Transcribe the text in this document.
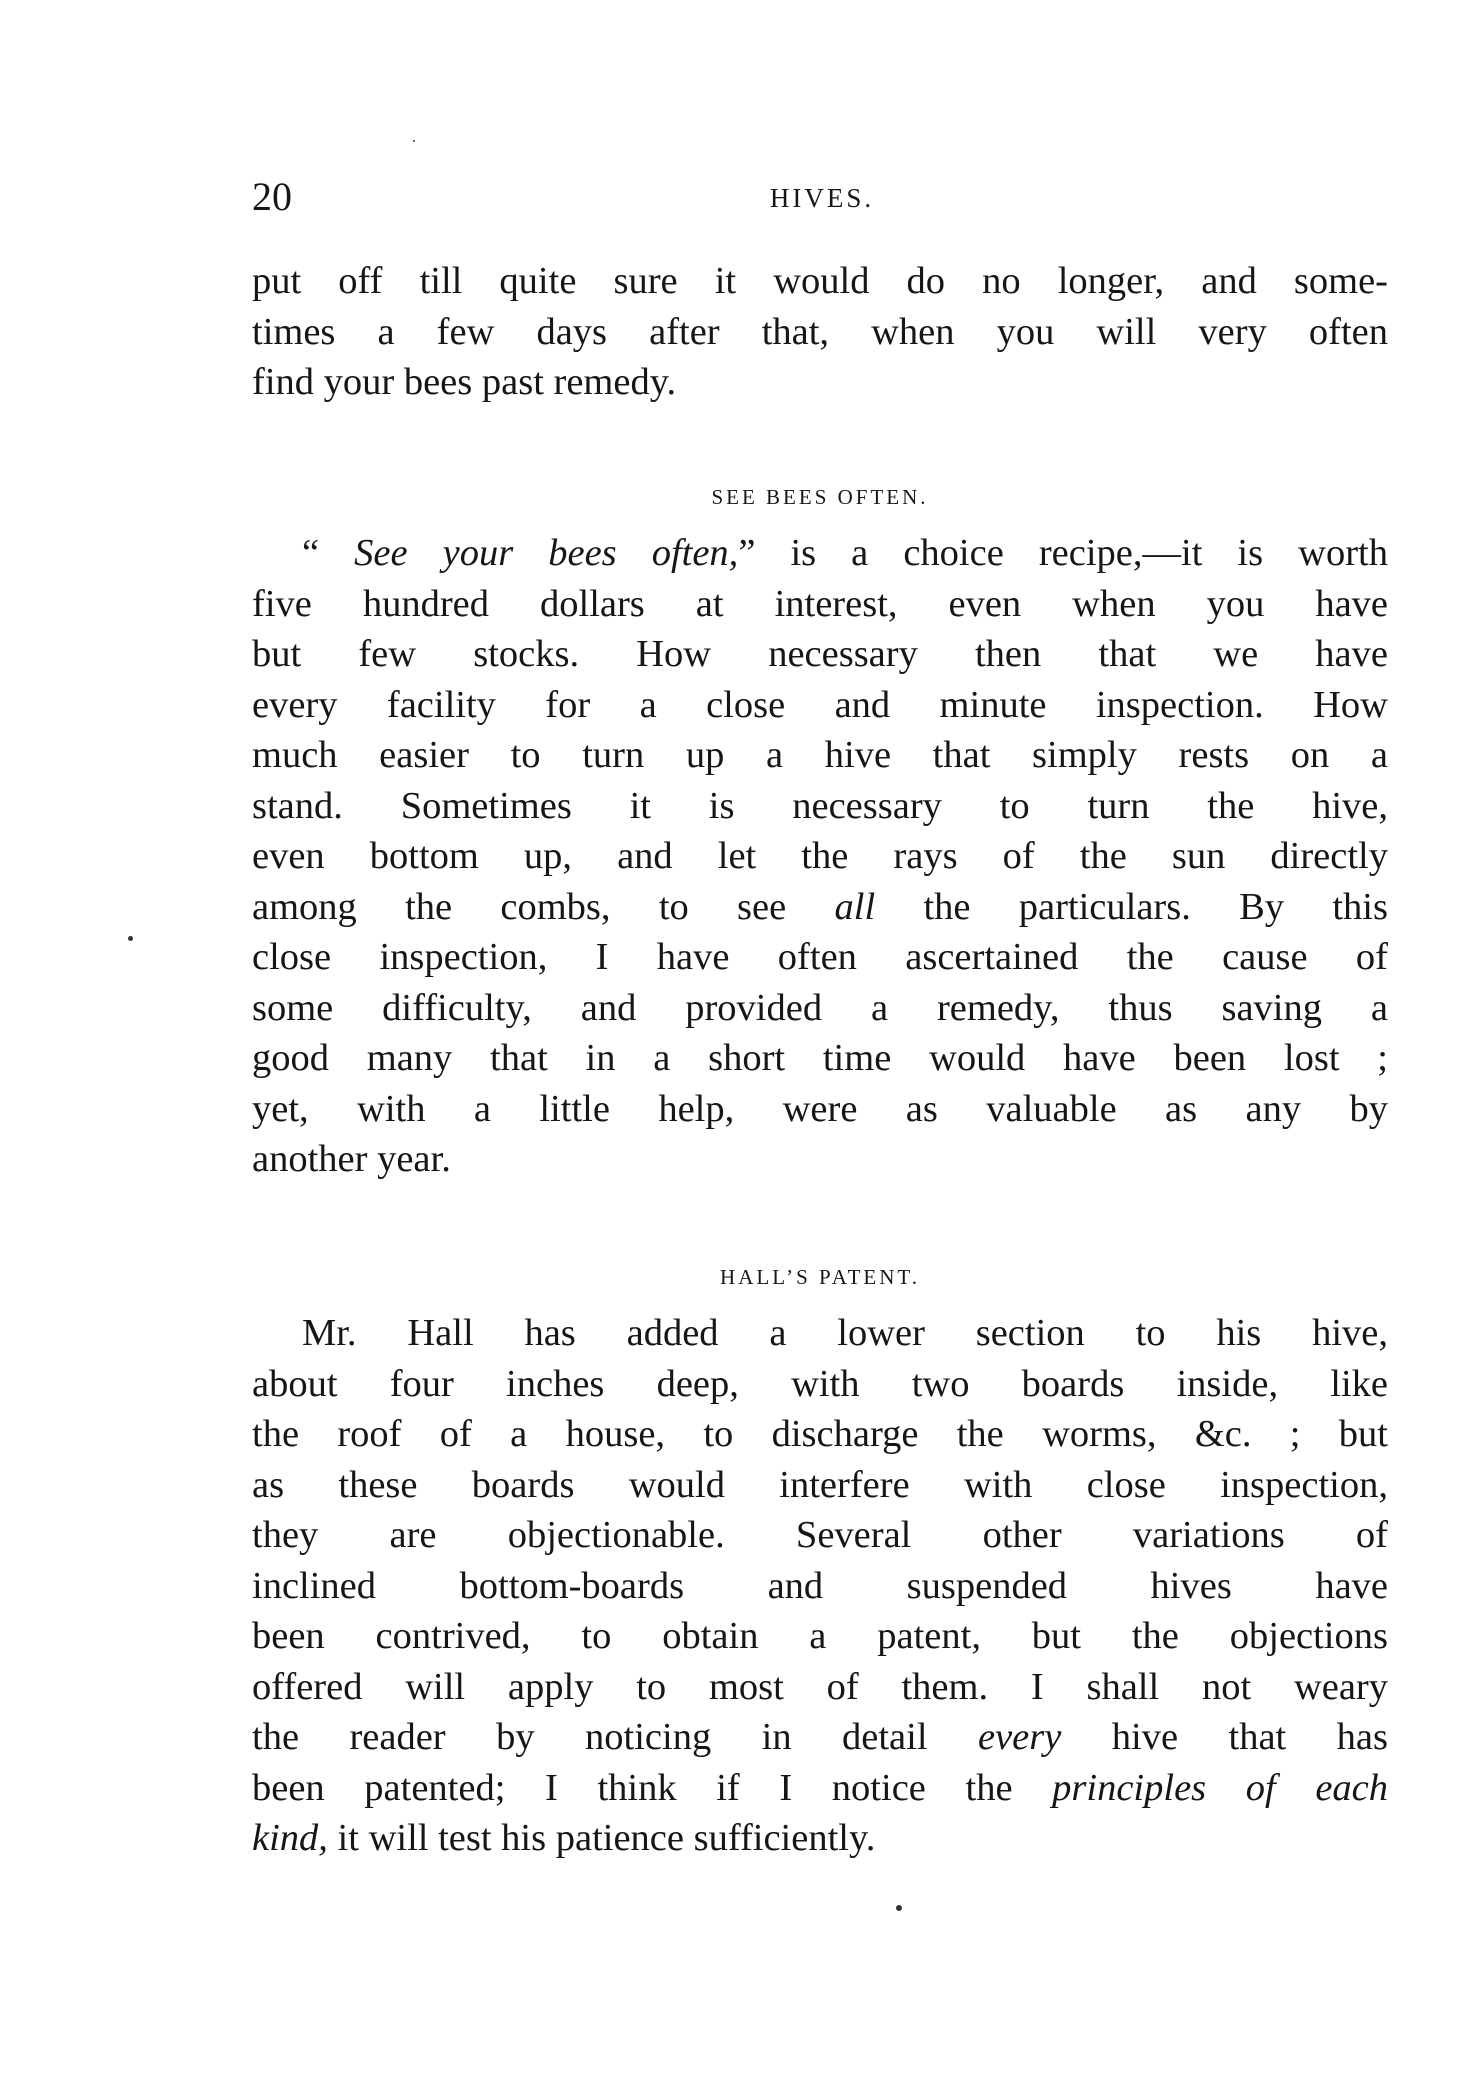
20	HIVES.
put off till quite sure it would do no longer, and some-
times a few days after that, when you will very often
find your bees past remedy.
SEE BEES OFTEN.
“ See your bees often,” is a choice recipe,—it is worth
five hundred dollars at interest, even when you have
but few stocks. How necessary then that we have
every facility for a close and minute inspection. How
much easier to turn up a hive that simply rests on a
stand. Sometimes it is necessary to turn the hive,
even bottom up, and let the rays of the sun directly
among the combs, to see all the particulars. By this
close inspection, I have often ascertained the cause of
some difficulty, and provided a remedy, thus saving a
good many that in a short time would have been lost ;
yet, with a little help, were as valuable as any by
another year.
HALL’S PATENT.
Mr. Hall has added a lower section to his hive,
about four inches deep, with two boards inside, like
the roof of a house, to discharge the worms, &c. ; but
as these boards would interfere with close inspection,
they are objectionable. Several other variations of
inclined bottom-boards and suspended hives have
been contrived, to obtain a patent, but the objections
offered will apply to most of them. I shall not weary
the reader by noticing in detail every hive that has
been patented; I think if I notice the principles of each
kind, it will test his patience sufficiently.
